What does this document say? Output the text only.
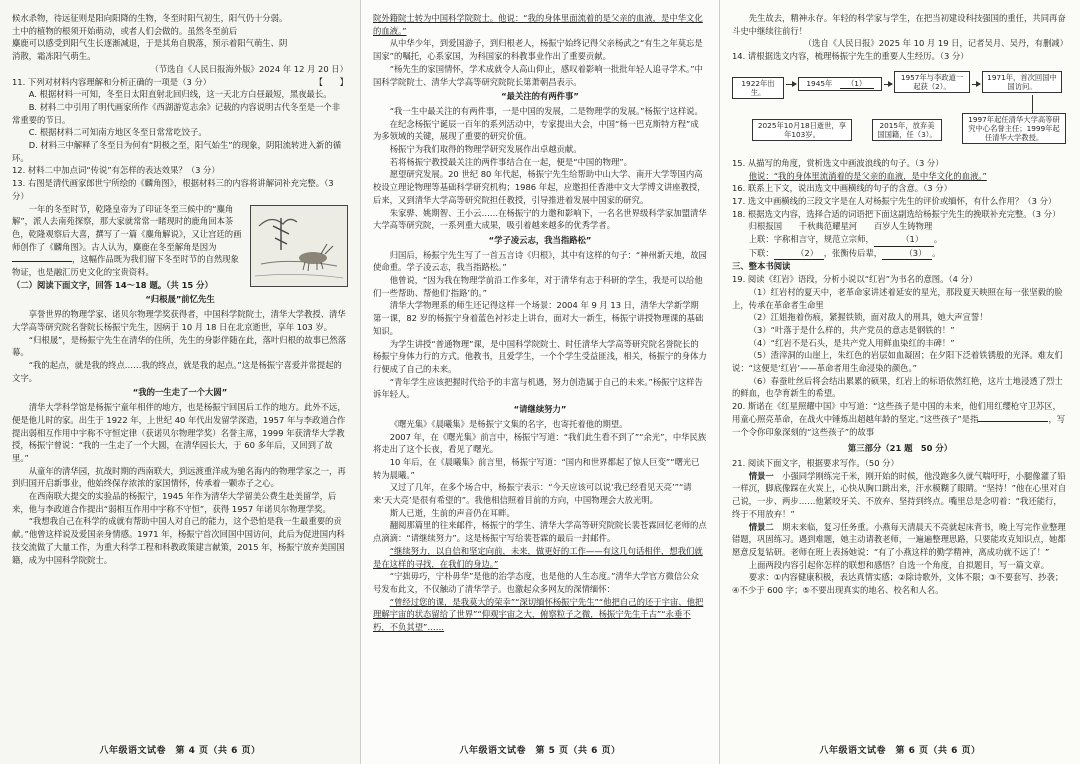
候水杀物，待远征则是阳向阳降的生物，冬至时阳气初生，阳气仍十分弱。

土中的植物的根须开始萌动，或者人们会做的。虽然冬至前后

麋鹿可以感受到阳气生长逐渐减退，于是其角自脱落，预示着阳气萌生、阴

消散，霜冻阳气萌生。

（节选自《人民日报海外版》2024 年 12 月 20 日）

11. 下列对材料内容理解和分析正确的一项是（3 分）	【　　】

A. 根据材料一可知，冬至日太阳直射北回归线，这一天北方白昼最短，黑夜最长。

B. 材料二中引用了明代画家所作《西湖游览志余》记载的内容说明古代冬至是一个非常重要的节日。

C. 根据材料二可知南方地区冬至日常常吃饺子。

D. 材料三中解释了冬至日为何有“阴极之至，阳气始生”的现象，阴阳流转进入新的循环。

12. 材料二中加点词“传说”有怎样的表达效果？（3 分）

13. 右图是清代画家郎世宁所绘的《麟角图》，根据材料三的内容将讲解词补充完整。（3 分）

一年的冬至时节，乾隆皇帝为了印证冬至三候中的“麋角解”，派人去南苑探察，那大家就常常一睹现时的鹿角回本茶色，乾隆观察后大喜，撰写了一篇《麋角解说》，又让宫廷的画师创作了《麟角图》。古人认为，麋鹿在冬至解角是因为，这幅作品既为我们留下冬至时节的自然现象物证，也是融汇历史文化的宝贵资料。

（二）阅读下面文字，回答 14～18 题。（共 15 分）

“归根晟”前忆先生

享誉世界的物理学家、诺贝尔物理学奖获得者，中国科学院院士，清华大学教授、清华大学高等研究院名誉院长杨振宁先生，因病于 10 月 18 日在北京逝世，享年 103 岁。

“归根晟”，是杨振宁先生在清华的住所，先生的身影伴随在此，落叶归根的故事已然落幕。

“我的起点，就是我的终点……我的终点，就是我的起点。”这是杨振宁喜爱并常提起的文字。

“我的一生走了一个大圆”

清华大学科学馆是杨振宁童年相伴的地方，也是杨振宁回国后工作的地方。此外不远，便是他儿时的家。出生于 1922 年，上世纪 40 年代出发留学深造，1957 年与李政道合作提出弱相互作用中宇称不守恒定律（获诺贝尔物理学奖）名誉主席，1999 年获清华大学教授，杨振宁曾说：“我的一生走了一个大圆，在清华园长大，于 60 多年后，又回到了故里。”

从童年的清华园，抗战时期的西南联大，到远渡重洋成为驰名海内的物理学家之一，再到归国开启新事业，他始终保存浓浓的家国情怀，传承着一颗赤子之心。

在西南联大提交的实验品的杨振宁，1945 年作为清华大学留美公费生赴美留学，后来，他与李政道合作提出“弱相互作用中宇称不守恒”，获得 1957 年诺贝尔物理学奖。

“我想我自己在科学的成就有帮助中国人对自己的能力，这个恐怕是我一生最重要的贡献。”他曾这样说及爱国亲身情感。1971 年，杨振宁首次回国中国访问，此后为促进国内科技交流做了大量工作，为重大科学工程和科教政策建言献策，2015 年，杨振宁放弃美国国籍，成为中国科学院院士。

八年级语文试卷　第 4 页（共 6 页）

院外籍院士转为中国科学院院士。他说：“我的身体里面流着的是父亲的血液，是中华文化的血液。”

从中华少年，到爱国游子，到归根老人，杨振宁始终记得父亲杨武之“有生之年莫忘是国家”的嘱托，心系家国，为科国家的科教事业作出了重要贡献。

“杨先生的家国情怀，学术成就令人高山仰止，感叹着影响一批批年轻人追寻学术。”中国科学院院士、清华大学高等研究院院长第萧朝昌表示。

“最关注的有两件事”

“我一生中最关注的有两件事，一是中国的发展，二是物理学的发展。”杨振宁这样说。

在纪念杨振宁诞辰一百年的系列活动中，专家提出大会，中国“杨一巴克斯特方程”成为多领域的关键，展现了重要的研究价值。

杨振宁为我们取得的物理学研究发展作出卓越贡献。

若将杨振宁教授最关注的两件事结合在一起，便是“中国的物理”。

愿望研究发展。20 世纪 80 年代起，杨振宁先生给帮助中山大学、南开大学等国内高校设立理论物理等基础科学研究机构；1986 年起，应邀担任香港中文大学博文讲座教授，后来，又到清华大学高等研究院担任教授，引导推进着发展中国家的研究。

朱家骅、姚期智、王小云……在杨振宁的力邀和影响下，一名名世界级科学家加盟清华大学高等研究院，一系列重大成果，吸引着越来越多的优秀学者。

“学子凌云志，我当指路松”

归国后，杨振宁先生写了一首五言诗《归根》，其中有这样的句子：“神州新天地，故园使命重。学子凌云志，我当指路松。”

他曾说，“因为我在物理学前沿工作多年，对于清华有志于科研的学生，我是可以给他们一些帮助、帮他们‘指路’的。”

清华大学物理系的师生还记得这样一个场景：2004 年 9 月 13 日，清华大学新学期第一课，82 岁的杨振宁身着蓝色衬衫走上讲台，面对大一新生，杨振宁讲授物理课的基础知识。

为学生讲授“普通物理”课，是中国科学院院士、时任清华大学高等研究院名誉院长的杨振宁身体力行的方式。他教书，且爱学生，一个个学生受益匪浅，相关，杨振宁的身体力行便成了自己的未来。

“青年学生应该把握时代给予的丰富与机遇，努力创造属于自己的未来。”杨振宁这样告诉年轻人。

“请继续努力”

《曙光集》《晨曦集》是杨振宁文集的名字，也寄托着他的期望。

2007 年，在《曙光集》前言中，杨振宁写道：“我们此生看不到了”“余光”，中华民族将走出了这个长夜，看见了曙光。

10 年后，在《晨曦集》前言里，杨振宁写道：“国内和世界都起了惊人巨变”“曙光已转为晨曦。”

又过了几年，在多个场合中，杨振宁表示：“今天应该可以说‘我已经看见天亮’”“请来‘天大亮’是很有希望的”。我他相信照着目前的方向，中国物理会大放光明。

斯人已逝，生前的声音仍在耳畔。

翻阅那篇里的往来邮件，杨振宁的学生、清华大学高等研究院院长裴苍霖回忆老师的点点滴滴：“请继续努力”。这是杨振宁写给裴苍霖的最后一封邮件。

“继续努力，以自信和坚定向前，未来，做更好的工作——有这几句话相伴，想我们就是在这样的寻找，在我们的身边。”

“宁拙毋巧，宁朴毋华”是他的治学态度，也是他的人生态度。”清华大学官方微信公众号发布此文，不仅触动了清华学子。也激起众多网友的深情缅怀：

“曾经过您的课，是我莫大的荣幸”“深切缅怀杨振宁先生”“他把自己的还于宇宙、他把理解宇宙的状态留给了世界”“仰观宇宙之大，俯察粒子之微，杨振宁先生千古”“永垂不朽，不负其望”……

八年级语文试卷　第 5 页（共 6 页）

先生故去，精神永存。年轻的科学家与学生，在把当初建设科技强国的重任，共同再奋斗史中继续往前行！

（选自《人民日报》2025 年 10 月 19 日，记者吴月、吴丹，有删减）

14. 请根据选文内容，梳理杨振宁先生的重要人生经历。（3 分）

1922年出生。
1945年　 （1）
1957年与李政道一起获（2）。
1971年，首次回国中国访问。
1997年起任清华大学高等研究中心名誉主任；1999年起任清华大学教授。
2015年，放弃美国国籍，任（3）。
2025年10月18日逝世，享年103岁。

15. 从描写的角度，赏析选文中画波浪线的句子。（3 分）

他说：“我的身体里流淌着的是父亲的血液，是中华文化的血液。”

16. 联系上下文，说出选文中画横线的句子的含意。（3 分）

17. 选文中画横线的三段文字是在人对杨振宁先生的评价或缅怀，有什么作用？（3 分）

18. 根据选文内容，选择合适的词语把下面这副选给杨振宁先生的挽联补充完整。（3 分）

归根报国　　千秋典范耀星河　　百岁人生铸物理

上联：字称相言守，规范立宗师，	（1） 。

下联：	（2） ，张衡传后辈，	（3） 。

三、整本书阅读

19. 阅读《红岩》语段，分析小说以“红岩”为书名的意图。（4 分）

（1）红岩村的夏天中，老革命家讲述着延安的星光，那段夏天映照在每一张坚毅的脸上，传承在革命者生命里

（2）江姐拖着伤痕，紧握铁锁，面对敌人的刑具，她大声宣誓！

（3）“叶落于是什么样的，共产党员的意志是钢铁的！”

（4）“红岩不是石头，是共产党人用鲜血染红的丰碑！”

（5）渣滓洞的山崖上，朱红色的岩层如血凝固；在夕阳下泛着铁锈般的光泽。难友们说：“这便是‘红岩’——革命者用生命浸染的颜色。”

（6）春蚕吐丝后将会结出累累的硕果，红岩上的标语依然红艳，这片土地浸透了烈士的鲜血，也孕育新生的希望。

20. 斯诺在《红星照耀中国》中写道：“这些孩子是中国的未来，他们用红缨枪守卫苏区，用童心照亮革命，在战火中锤炼出超越年龄的坚定。”这些孩子”是指	，写一个令你印象深刻的“这些孩子”的故事

第三部分（21 题　50 分）

21. 阅读下面文字，根据要求写作。（50 分）

情景一　 小强同学刚练完千米，刚开始的时候，他没跑多久就气喘吁吁，小腿像灌了铅一样沉，脚底像踩在火炭上，心快从胸口跳出来，汗水模糊了眼睛。“坚持！”他在心里对自己说，一步、两步……他紧咬牙关、不放弃、坚持到终点。嘴里总是念叨着：“我还能行，终于不用放弃！”

情景二　 期末来临，复习任务重。小燕每天清晨天不亮就起床背书，晚上写完作业整理错题，巩固练习。遇到难题，她主动请教老师，一遍遍整理思路，只要能攻克知识点，她都愿意反复钻研。老师在班上表扬她说：“有了小燕这样的勤学精神，离成功就不远了！”

上面两段内容引起你怎样的联想和感悟？自选一个角度，自拟题目，写一篇文章。

要求：①内容健康积极，表达真情实感；②除诗歌外，文体不限；③不要套写、抄袭；④不少于 600 字；⑤不要出现真实的地名、校名和人名。

八年级语文试卷　第 6 页（共 6 页）
